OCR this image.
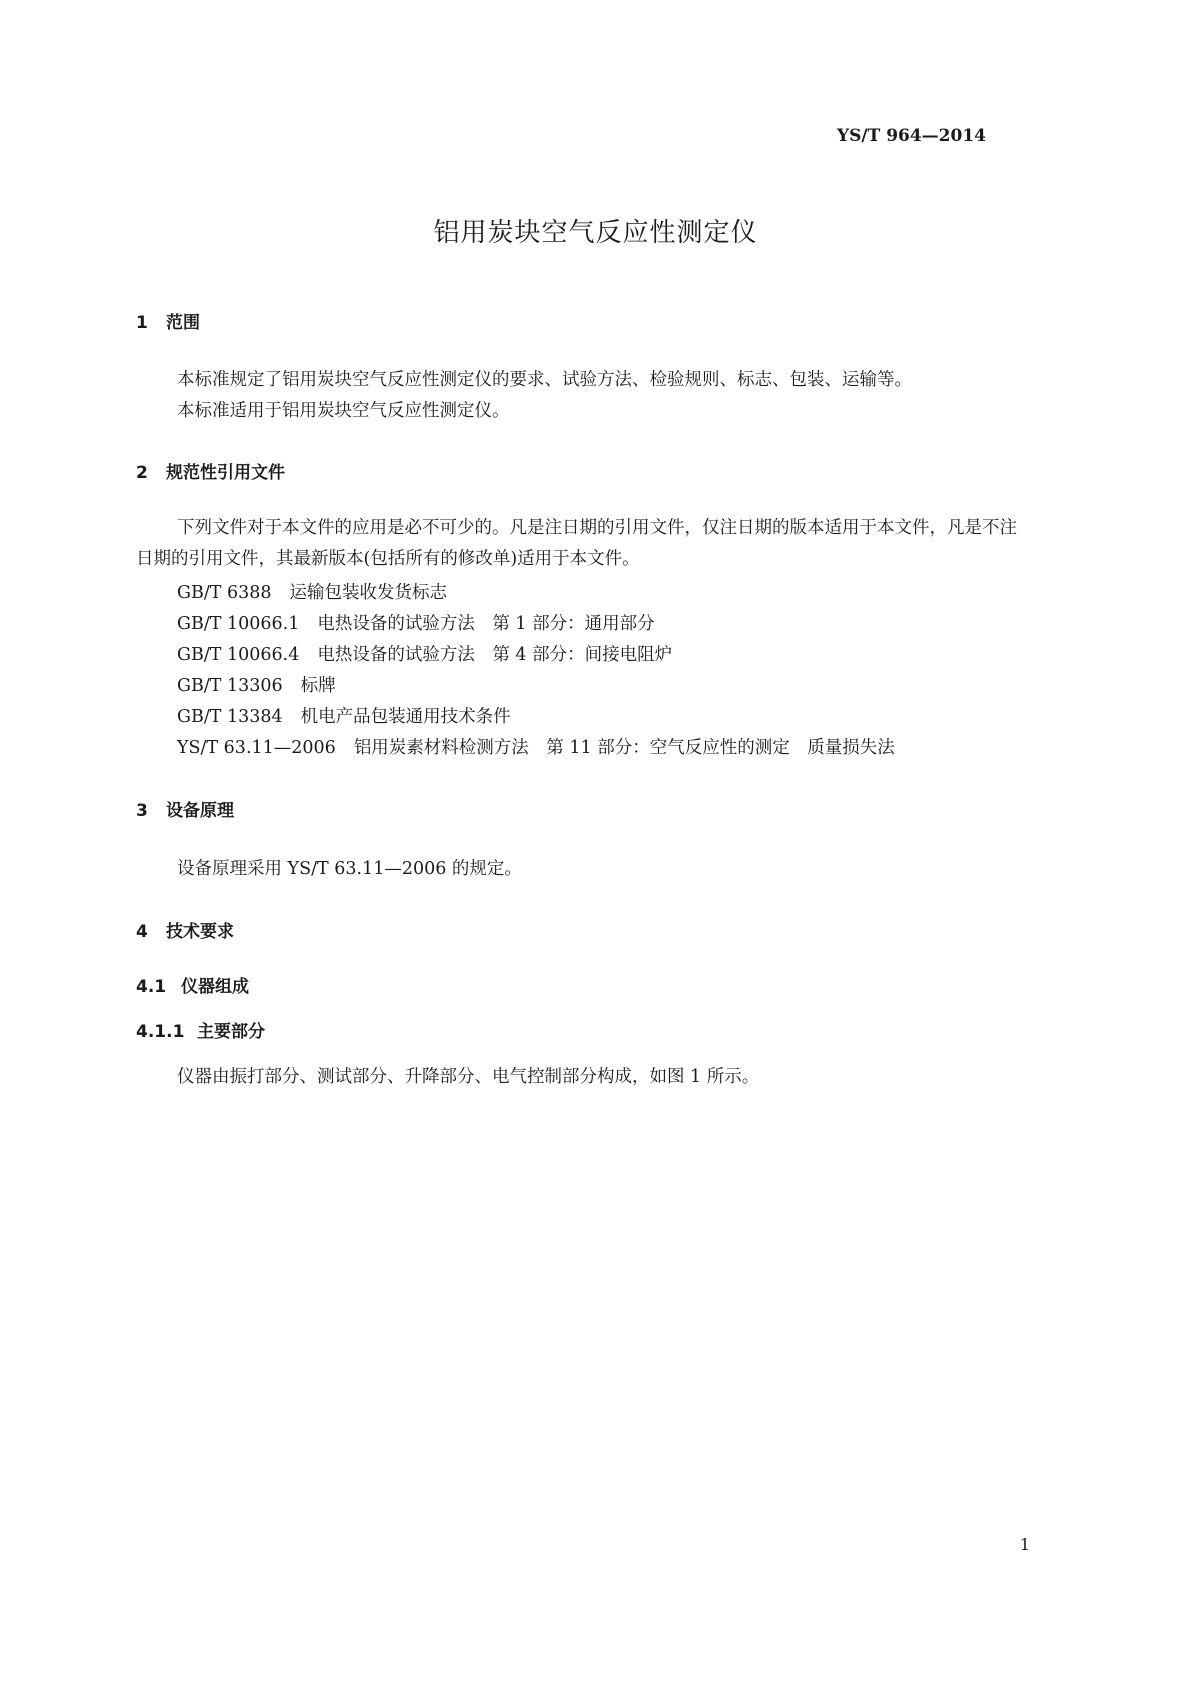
YS/T 964—2014
铝用炭块空气反应性测定仪
1 范围
本标准规定了铝用炭块空气反应性测定仪的要求、试验方法、检验规则、标志、包装、运输等。
本标准适用于铝用炭块空气反应性测定仪。
2 规范性引用文件
下列文件对于本文件的应用是必不可少的。凡是注日期的引用文件，仅注日期的版本适用于本文件，凡是不注日期的引用文件，其最新版本(包括所有的修改单)适用于本文件。
GB/T 6388 运输包装收发货标志
GB/T 10066.1 电热设备的试验方法　第 1 部分：通用部分
GB/T 10066.4 电热设备的试验方法　第 4 部分：间接电阻炉
GB/T 13306 标牌
GB/T 13384 机电产品包装通用技术条件
YS/T 63.11—2006 铝用炭素材料检测方法　第 11 部分：空气反应性的测定　质量损失法
3 设备原理
设备原理采用 YS/T 63.11—2006 的规定。
4 技术要求
4.1 仪器组成
4.1.1 主要部分
仪器由振打部分、测试部分、升降部分、电气控制部分构成，如图 1 所示。
1
